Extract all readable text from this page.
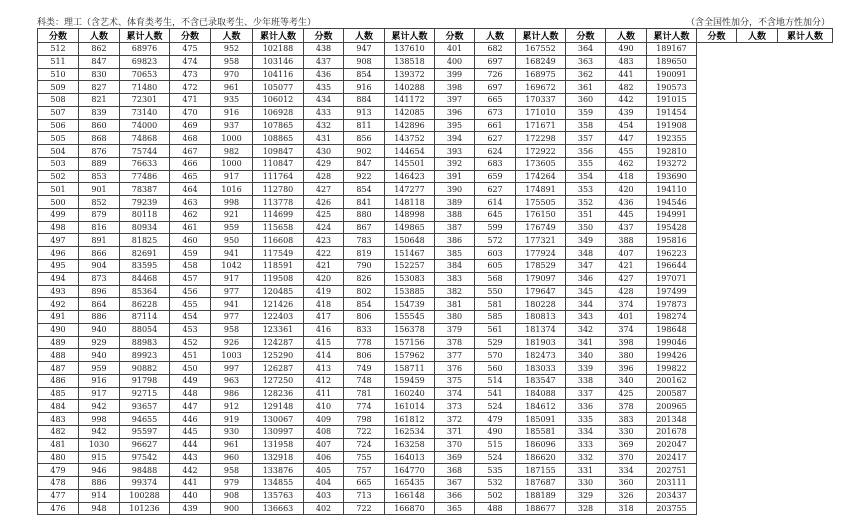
科类：理工（含艺术、体育类考生，不含已录取考生、少年班等考生）	（含全国性加分，不含地方性加分）
分数	人数	累计人数	分数	人数	累计人数	分数	人数	累计人数	分数	人数	累计人数	分数	人数	累计人数	分数	人数	累计人数
512	862	68976	475	952	102188	438	947	137610	401	682	167552	364	490	189167			
511	847	69823	474	958	103146	437	908	138518	400	697	168249	363	483	189650			
510	830	70653	473	970	104116	436	854	139372	399	726	168975	362	441	190091			
509	827	71480	472	961	105077	435	916	140288	398	697	169672	361	482	190573			
508	821	72301	471	935	106012	434	884	141172	397	665	170337	360	442	191015			
507	839	73140	470	916	106928	433	913	142085	396	673	171010	359	439	191454			
506	860	74000	469	937	107865	432	811	142896	395	661	171671	358	454	191908			
505	868	74868	468	1000	108865	431	856	143752	394	627	172298	357	447	192355			
504	876	75744	467	982	109847	430	902	144654	393	624	172922	356	455	192810			
503	889	76633	466	1000	110847	429	847	145501	392	683	173605	355	462	193272			
502	853	77486	465	917	111764	428	922	146423	391	659	174264	354	418	193690			
501	901	78387	464	1016	112780	427	854	147277	390	627	174891	353	420	194110			
500	852	79239	463	998	113778	426	841	148118	389	614	175505	352	436	194546			
499	879	80118	462	921	114699	425	880	148998	388	645	176150	351	445	194991			
498	816	80934	461	959	115658	424	867	149865	387	599	176749	350	437	195428			
497	891	81825	460	950	116608	423	783	150648	386	572	177321	349	388	195816			
496	866	82691	459	941	117549	422	819	151467	385	603	177924	348	407	196223			
495	904	83595	458	1042	118591	421	790	152257	384	605	178529	347	421	196644			
494	873	84468	457	917	119508	420	826	153083	383	568	179097	346	427	197071			
493	896	85364	456	977	120485	419	802	153885	382	550	179647	345	428	197499			
492	864	86228	455	941	121426	418	854	154739	381	581	180228	344	374	197873			
491	886	87114	454	977	122403	417	806	155545	380	585	180813	343	401	198274			
490	940	88054	453	958	123361	416	833	156378	379	561	181374	342	374	198648			
489	929	88983	452	926	124287	415	778	157156	378	529	181903	341	398	199046			
488	940	89923	451	1003	125290	414	806	157962	377	570	182473	340	380	199426			
487	959	90882	450	997	126287	413	749	158711	376	560	183033	339	396	199822			
486	916	91798	449	963	127250	412	748	159459	375	514	183547	338	340	200162			
485	917	92715	448	986	128236	411	781	160240	374	541	184088	337	425	200587			
484	942	93657	447	912	129148	410	774	161014	373	524	184612	336	378	200965			
483	998	94655	446	919	130067	409	798	161812	372	479	185091	335	383	201348			
482	942	95597	445	930	130997	408	722	162534	371	490	185581	334	330	201678			
481	1030	96627	444	961	131958	407	724	163258	370	515	186096	333	369	202047			
480	915	97542	443	960	132918	406	755	164013	369	524	186620	332	370	202417			
479	946	98488	442	958	133876	405	757	164770	368	535	187155	331	334	202751			
478	886	99374	441	979	134855	404	665	165435	367	532	187687	330	360	203111			
477	914	100288	440	908	135763	403	713	166148	366	502	188189	329	326	203437			
476	948	101236	439	900	136663	402	722	166870	365	488	188677	328	318	203755			
